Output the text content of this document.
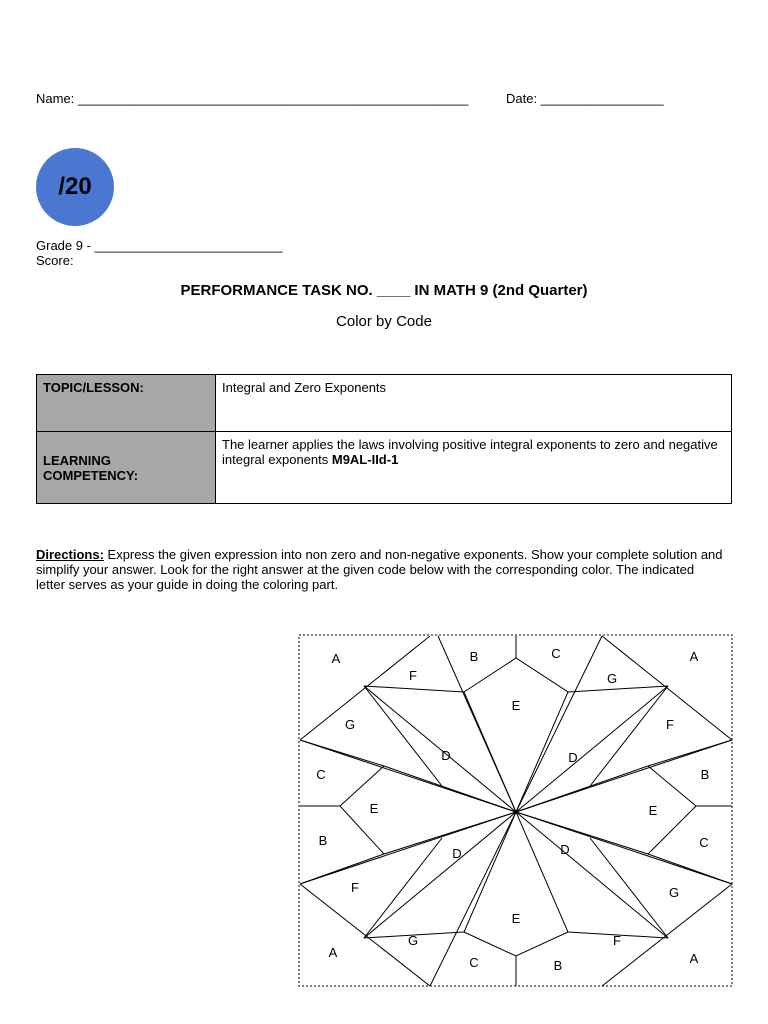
Name: ______________________________________________________	Date: _________________
/20
Grade 9 - __________________________
Score:
PERFORMANCE TASK NO. ____ IN MATH 9 (2nd Quarter)
Color by Code
TOPIC/LESSON:	Integral and Zero Exponents
LEARNING COMPETENCY:	The learner applies the laws involving positive integral exponents to zero and negative integral exponents M9AL-IId-1
Directions: Express the given expression into non zero and non-negative exponents. Show your complete solution and simplify your answer. Look for the right answer at the given code below with the corresponding color. The indicated letter serves as your guide in doing the coloring part.
A	B	C	A
F	G
E
G	F
D	D
C	B
E	E
B	C
D	D
F	G
E
A
G	F
A
C	B
